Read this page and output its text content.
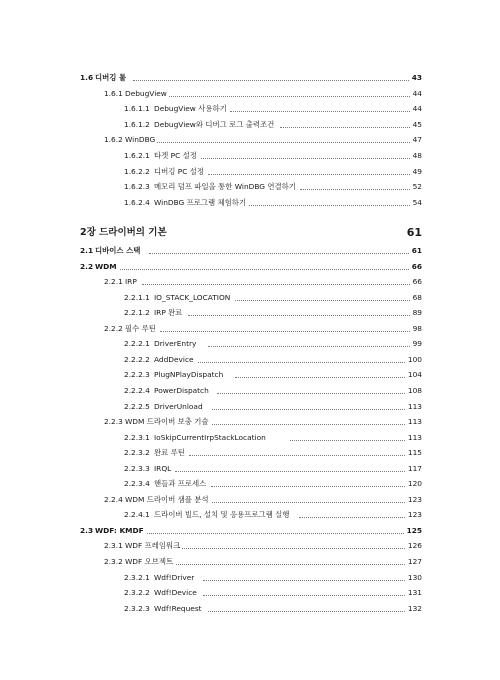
1.6 디버깅 툴	43
1.6.1 DebugView	44
1.6.1.1 DebugView 사용하기	44
1.6.1.2 DebugView와 디버그 로그 출력조건	45
1.6.2 WinDBG	47
1.6.2.1 타겟 PC 설정	48
1.6.2.2 디버깅 PC 설정	49
1.6.2.3 메모리 덤프 파일을 통한 WinDBG 연결하기	52
1.6.2.4 WinDBG 프로그램 체험하기	54
2장 드라이버의 기본	61
2.1 디바이스 스택	61
2.2 WDM	66
2.2.1 IRP	66
2.2.1.1 IO_STACK_LOCATION	68
2.2.1.2 IRP 완료	89
2.2.2 필수 루틴	98
2.2.2.1 DriverEntry	99
2.2.2.2 AddDevice	100
2.2.2.3 PlugNPlayDispatch	104
2.2.2.4 PowerDispatch	108
2.2.2.5 DriverUnload	113
2.2.3 WDM 드라이버 보충 기술	113
2.2.3.1 IoSkipCurrentIrpStackLocation	113
2.2.3.2 완료 루틴	115
2.2.3.3 IRQL	117
2.2.3.4 핸들과 프로세스	120
2.2.4 WDM 드라이버 샘플 분석	123
2.2.4.1 드라이버 빌드, 설치 및 응용프로그램 실행	123
2.3 WDF: KMDF	125
2.3.1 WDF 프레임워크	126
2.3.2 WDF 오브젝트	127
2.3.2.1 Wdf!Driver	130
2.3.2.2 Wdf!Device	131
2.3.2.3 Wdf!Request	132
